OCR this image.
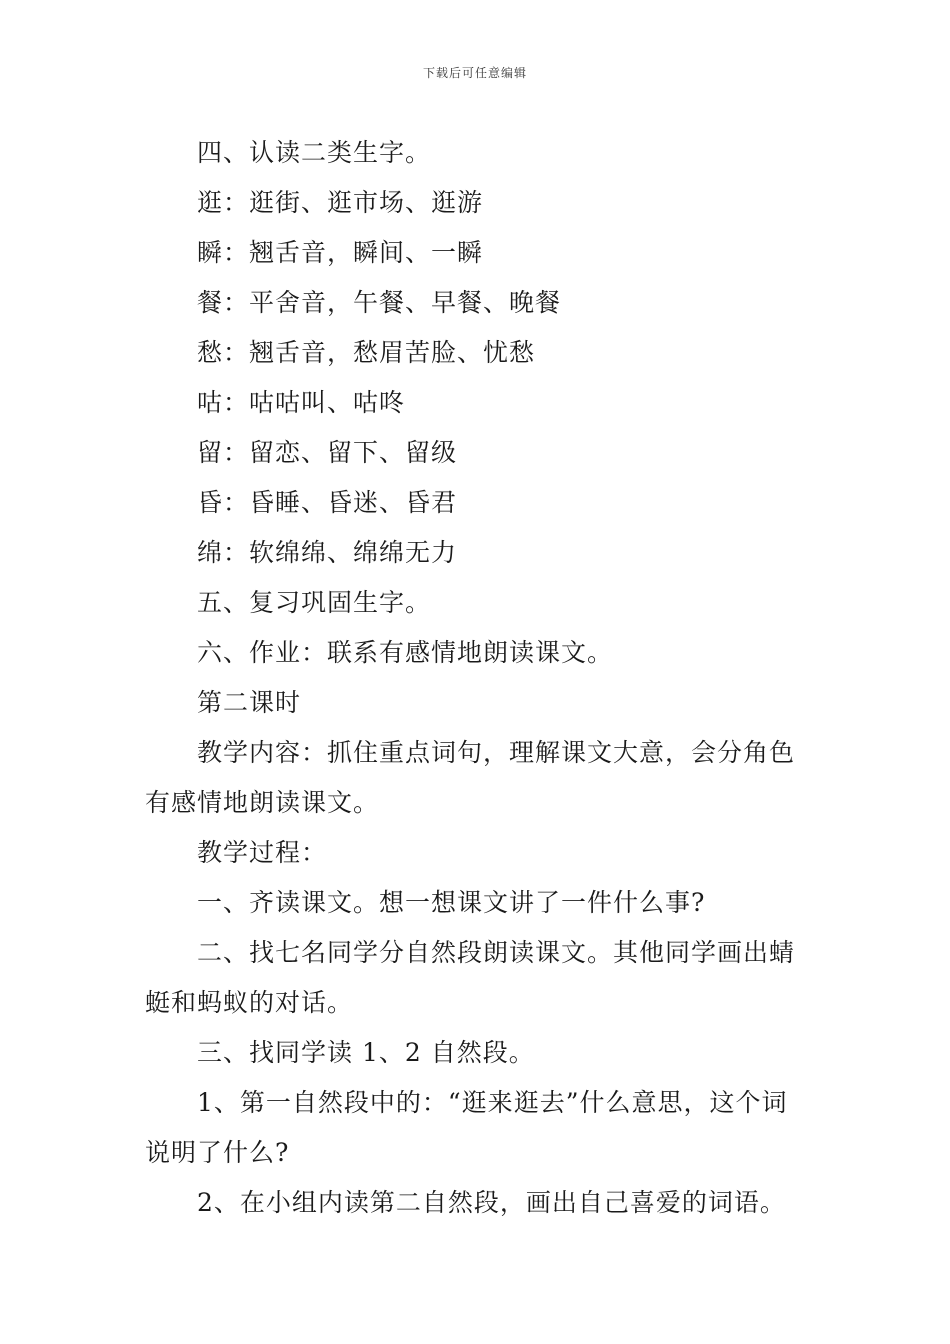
下载后可任意编辑

四、认读二类生字。

逛：逛街、逛市场、逛游

瞬：翘舌音，瞬间、一瞬

餐：平舍音，午餐、早餐、晚餐

愁：翘舌音，愁眉苦脸、忧愁

咕：咕咕叫、咕咚

留：留恋、留下、留级

昏：昏睡、昏迷、昏君

绵：软绵绵、绵绵无力

五、复习巩固生字。

六、作业：联系有感情地朗读课文。

第二课时

教学内容：抓住重点词句，理解课文大意，会分角色有感情地朗读课文。

教学过程：

一、齐读课文。想一想课文讲了一件什么事?

二、找七名同学分自然段朗读课文。其他同学画出蜻蜓和蚂蚁的对话。

三、找同学读 1、2 自然段。

1、第一自然段中的：“逛来逛去”什么意思，这个词说明了什么?

2、在小组内读第二自然段，画出自己喜爱的词语。
